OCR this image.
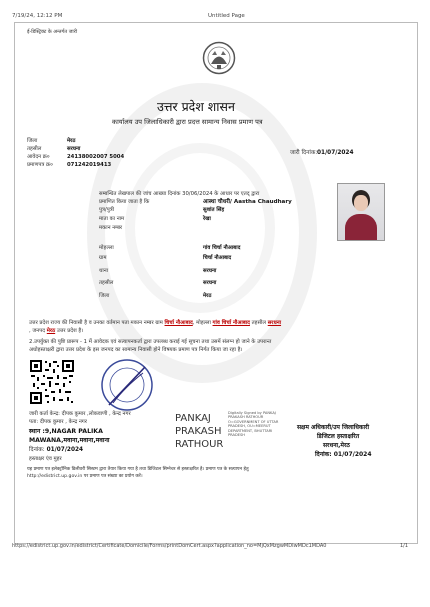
7/19/24, 12:12 PM	Untitled Page
ई-डिस्ट्रिक्ट के अन्तर्गत जारी
उत्तर प्रदेश शासन
कार्यालय उप जिलाधिकारी द्वारा प्रदत्त सामान्य निवास प्रमाण पत्र
जिला	मेरठ
तहसील	सरधना
आवेदन क्र०	24138002007 5004
प्रमाणपत्र क्र०	071242019413
जारी दिनांक: 01/07/2024
सम्बन्धित लेखपाल की जांच आख्या दिनांक 30/06/2024 के आधार पर एतद् द्वारा
प्रमाणित किया जाता है कि	आस्था चौधरी/ Aastha Chaudhary
पुत्र/पुत्री	सुशांत सिंह
माता का नाम	रेखा
मकान नम्बर
मोहल्ला	गांव चिर्चा नौआबाद
ग्राम	चिर्चा नौआबाद
थाना	सरधना
तहसील	सरधना
जिला	मेरठ
उत्तर प्रदेश राज्य की निवासी है व उनका वर्तमान पता मकान नम्बर ग्राम चिर्चा नौआबाद, मोहल्ला गांव चिर्चा नौआबाद तहसील सरधना
, जनपद मेरठ उत्तर प्रदेश है।
2.उपर्युक्त की पुष्टि प्रारूप - 1 में आवेदक एवं सत्यापनकर्ता द्वारा उपलब्ध कराई गई सूचना तथा उसमें संलग्न हो जाने के उपरान्त
अधोहस्ताक्षरी द्वारा उत्तर प्रदेश के इस जनपद का सामान्य निवासी होने विषयक प्रमाण पत्र निर्गत किया जा रहा है।
जारी कर्ता केन्द्र: दीपक कुमार ,लोकवाणी , केन्द्र नगर
पता: दीपक कुमार , केन्द्र नगर
स्थान :9,NAGAR PALIKA
MAWANA,मवाना,मवाना,मवाना
दिनांक: 01/07/2024
हस्ताक्षर एंव मुहर
PANKAJ
PRAKASH
RATHOUR
Digitally Signed by PANKAJ PRAKASH RATHOUR O=GOVERNMENT OF UTTAR PRADESH, OU=MEERUT DEPARTMENT, BHUTTARI PRADESH
सक्षम अधिकारी/उप जिलाधिकारी
डिजिटल हस्ताक्षरित
सरधना,मेरठ
दिनांक: 01/07/2024
यह प्रमाण पत्र इलेक्ट्रॉनिक डिलीवरी सिस्टम द्वारा तैयार किया गया है तथा डिजिटल सिग्नेचर से हस्ताक्षरित है। प्रमाण पत्र के सत्यापन हेतु
http://edistrict.up.gov.in पर प्रमाण पत्र संख्या का प्रयोग करें।
https://edistrict.up.gov.in/edistrict/Certificate/Domicile/Forms/printDomCert.aspx?application_no=MjQxMzgwMDIwMDc1MDA0	1/1
